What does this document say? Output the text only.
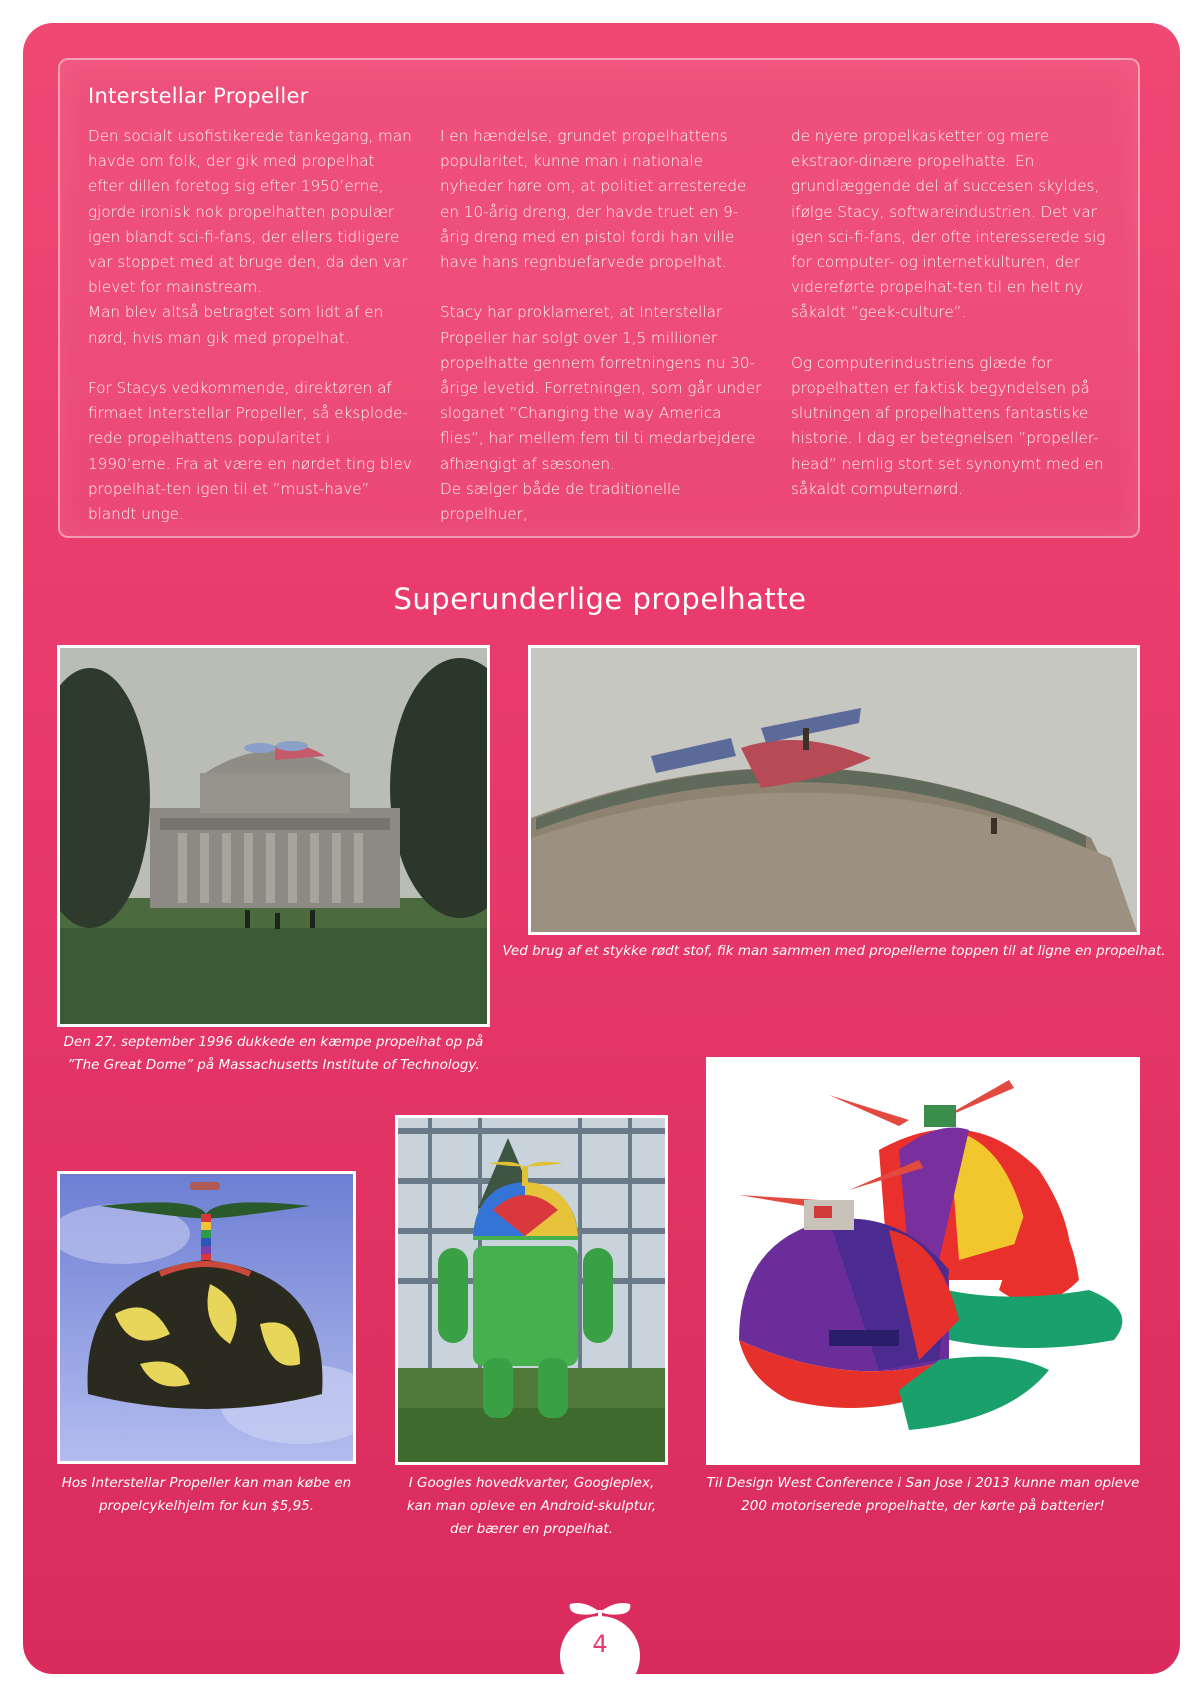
Interstellar Propeller
Den socialt usofistikerede tankegang, man havde om folk, der gik med propelhat efter dillen foretog sig efter 1950’erne, gjorde ironisk nok propelhatten populær igen blandt sci-fi-fans, der ellers tidligere var stoppet med at bruge den, da den var blevet for mainstream.
Man blev altså betragtet som lidt af en nørd, hvis man gik med propelhat.

For Stacys vedkommende, direktøren af firmaet Interstellar Propeller, så eksplode-rede propelhattens popularitet i 1990’erne. Fra at være en nørdet ting blev propelhat-ten igen til et ”must-have” blandt unge.
I en hændelse, grundet propelhattens popularitet, kunne man i nationale nyheder høre om, at politiet arresterede en 10-årig dreng, der havde truet en 9-årig dreng med en pistol fordi han ville have hans regnbuefarvede propelhat.

Stacy har proklameret, at Interstellar Propeller har solgt over 1,5 millioner propelhatte gennem forretningens nu 30-årige levetid. Forretningen, som går under sloganet ”Changing the way America flies”, har mellem fem til ti medarbejdere afhængigt af sæsonen.
De sælger både de traditionelle propelhuer,
de nyere propelkasketter og mere ekstraor-dinære propelhatte. En grundlæggende del af succesen skyldes, ifølge Stacy, softwareindustrien. Det var igen sci-fi-fans, der ofte interesserede sig for computer- og internetkulturen, der videreførte propelhat-ten til en helt ny såkaldt ”geek-culture”.

Og computerindustriens glæde for propelhatten er faktisk begyndelsen på slutningen af propelhattens fantastiske historie. I dag er betegnelsen ”propeller-head” nemlig stort set synonymt med en såkaldt computernørd.
Superunderlige propelhatte
Den 27. september 1996 dukkede en kæmpe propelhat op på
”The Great Dome” på Massachusetts Institute of Technology.
Ved brug af et stykke rødt stof, fik man sammen med propellerne toppen til at ligne en propelhat.
Hos Interstellar Propeller kan man købe en
propelcykelhjelm for kun $5,95.
I Googles hovedkvarter, Googleplex,
kan man opleve en Android-skulptur,
der bærer en propelhat.
Til Design West Conference i San Jose i 2013 kunne man opleve
200 motoriserede propelhatte, der kørte på batterier!
4
